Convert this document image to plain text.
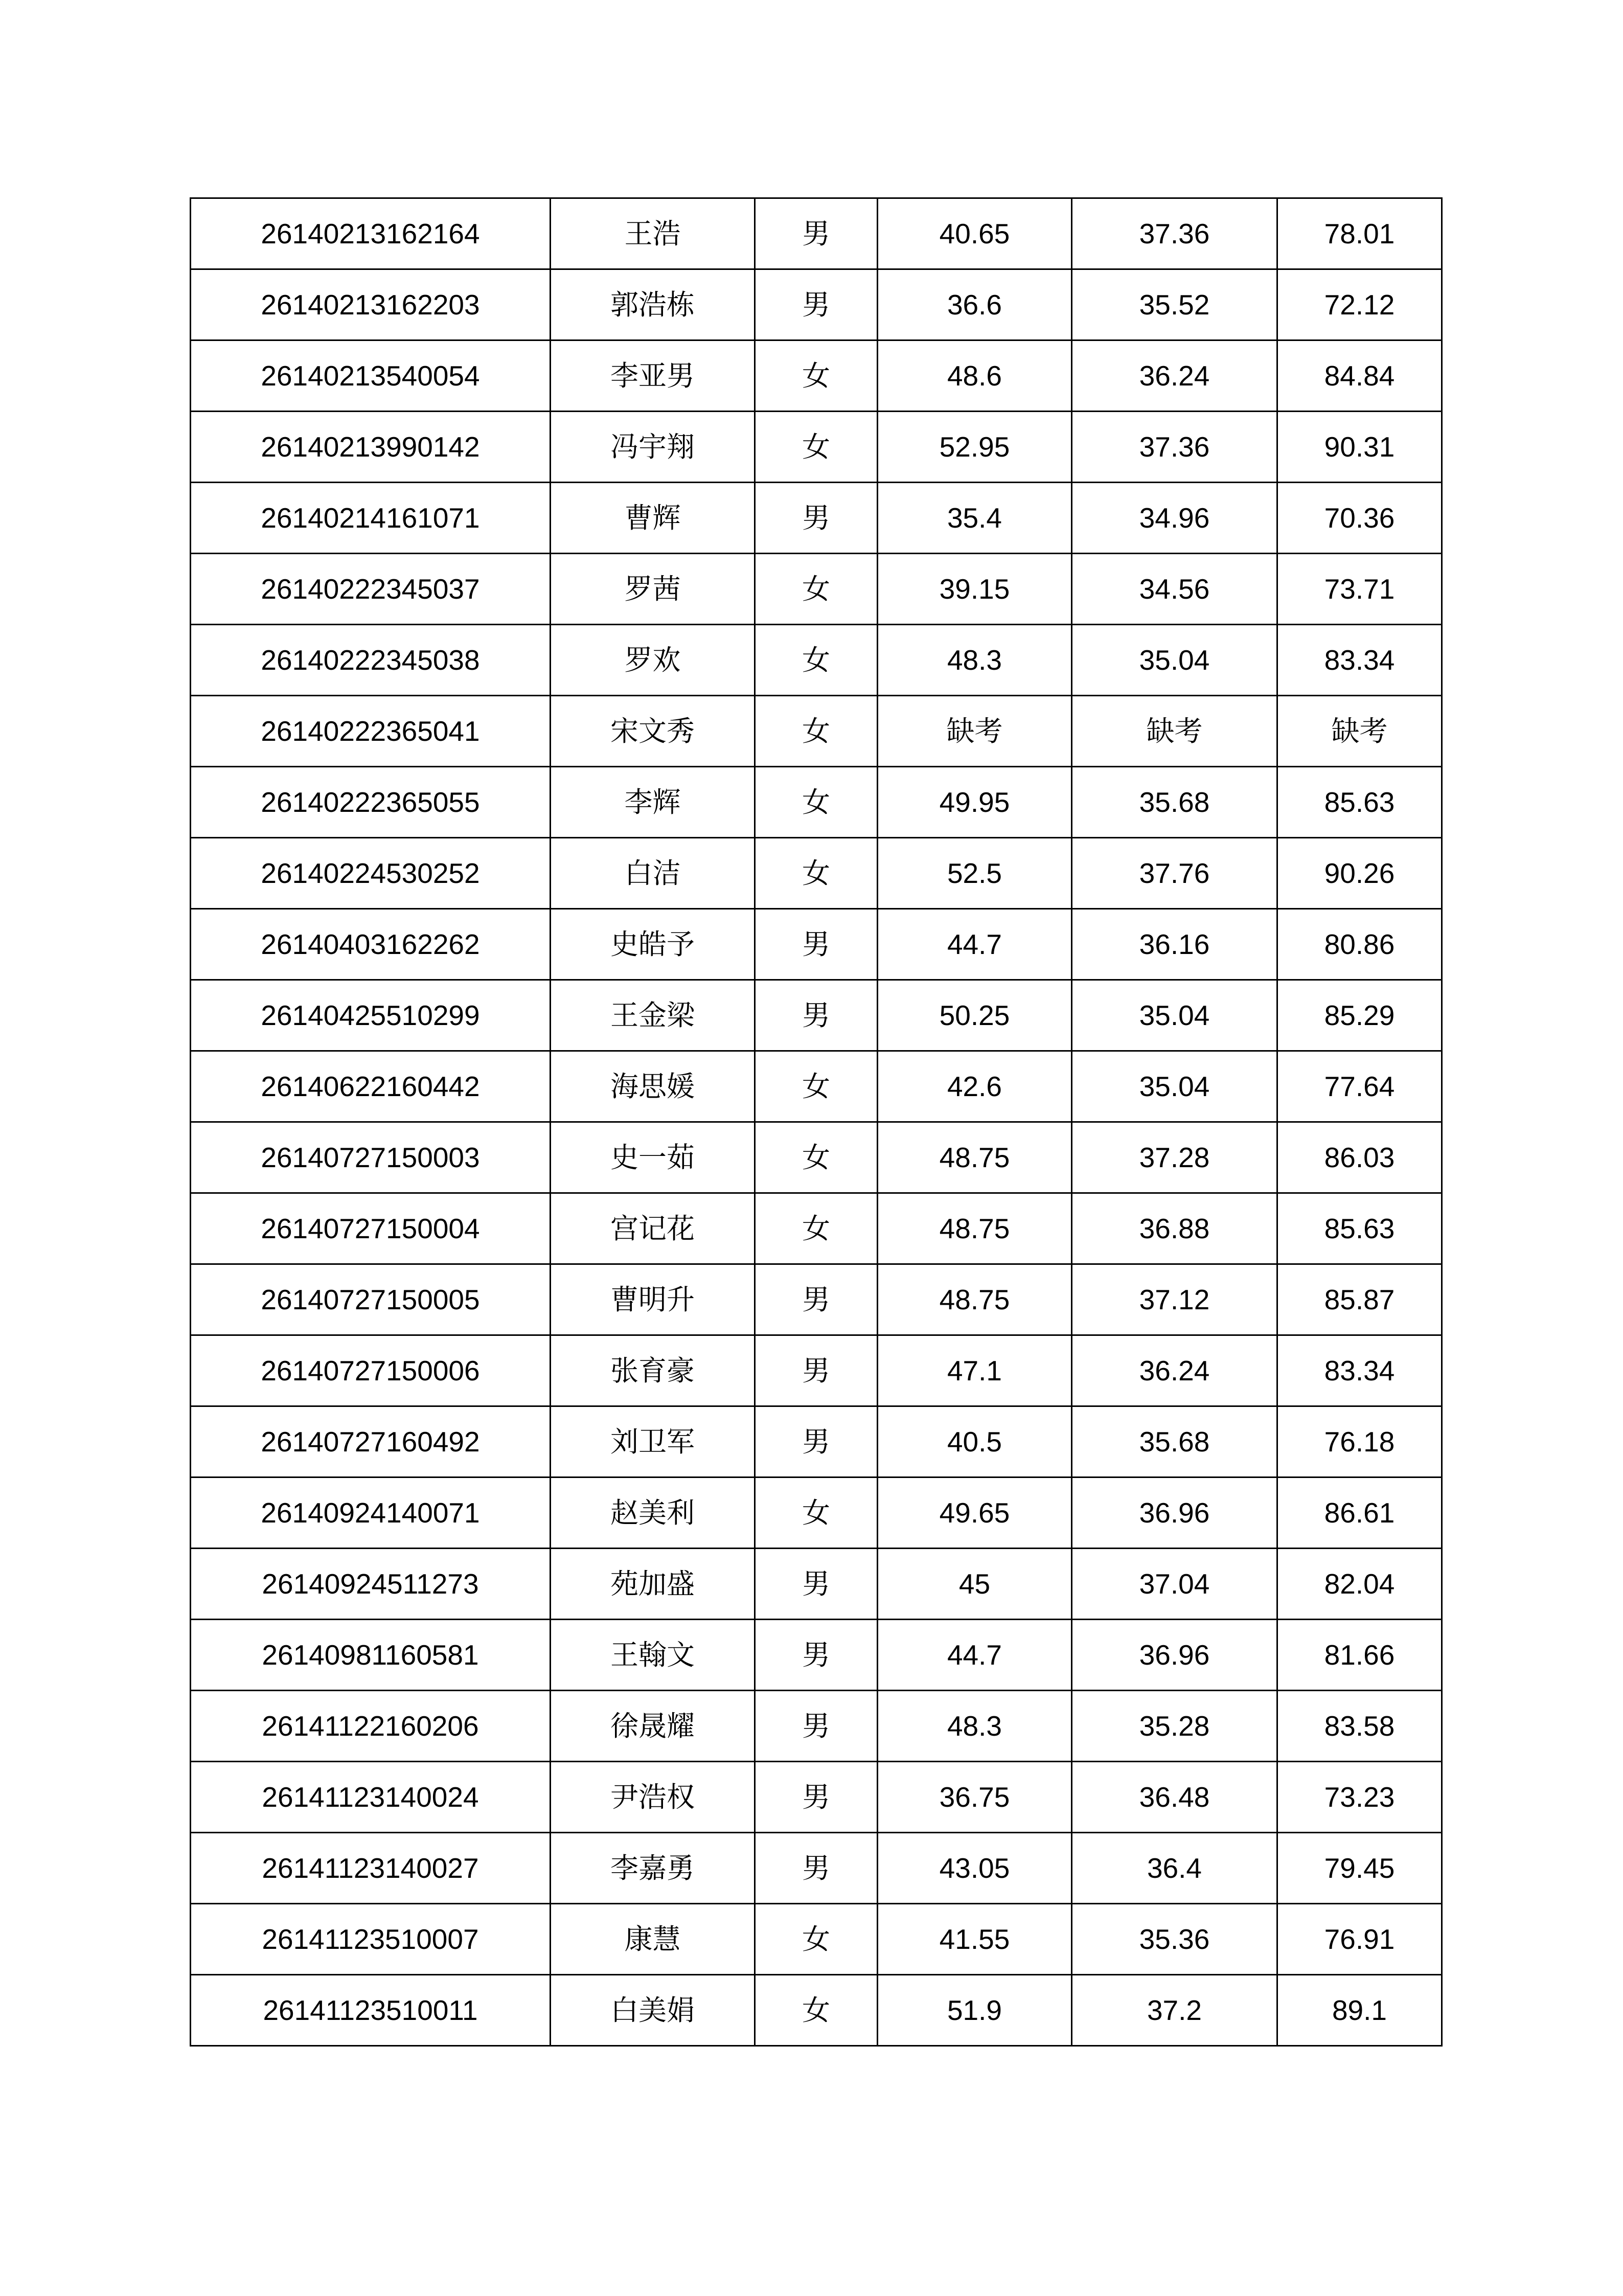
26140213162164	王浩	男	40.65	37.36	78.01
26140213162203	郭浩栋	男	36.6	35.52	72.12
26140213540054	李亚男	女	48.6	36.24	84.84
26140213990142	冯宇翔	女	52.95	37.36	90.31
26140214161071	曹辉	男	35.4	34.96	70.36
26140222345037	罗茜	女	39.15	34.56	73.71
26140222345038	罗欢	女	48.3	35.04	83.34
26140222365041	宋文秀	女	缺考	缺考	缺考
26140222365055	李辉	女	49.95	35.68	85.63
26140224530252	白洁	女	52.5	37.76	90.26
26140403162262	史皓予	男	44.7	36.16	80.86
26140425510299	王金梁	男	50.25	35.04	85.29
26140622160442	海思媛	女	42.6	35.04	77.64
26140727150003	史一茹	女	48.75	37.28	86.03
26140727150004	宫记花	女	48.75	36.88	85.63
26140727150005	曹明升	男	48.75	37.12	85.87
26140727150006	张育豪	男	47.1	36.24	83.34
26140727160492	刘卫军	男	40.5	35.68	76.18
26140924140071	赵美利	女	49.65	36.96	86.61
26140924511273	苑加盛	男	45	37.04	82.04
26140981160581	王翰文	男	44.7	36.96	81.66
26141122160206	徐晟耀	男	48.3	35.28	83.58
26141123140024	尹浩权	男	36.75	36.48	73.23
26141123140027	李嘉勇	男	43.05	36.4	79.45
26141123510007	康慧	女	41.55	35.36	76.91
26141123510011	白美娟	女	51.9	37.2	89.1
